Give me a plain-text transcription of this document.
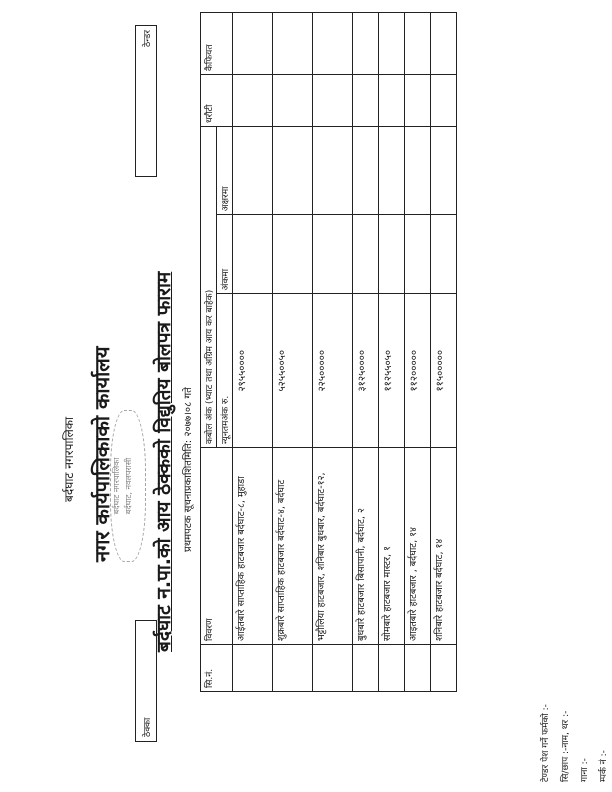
बर्दघाट नगरपालिका नगर कार्यपालिकाको कार्यालय
बर्दघाट नगरपालिका बर्दघाट, नवलपरासी बर्दघाट न.पा.को आय ठेक्कको विद्युतिय बोलपत्र फाराम प्रथमपटक सूचनाप्रकाशितमिति: २०७७।०८ गते
ठेक्का
ठेन्डर
सि.नं.	विवरण	कबोल अंक (भ्याट तथा अग्रिम आय कर बाहेक)			धरौटी	कैफियत
		न्यूनतमअंक रु.	अंकमा	अक्षरमा		
	आईतबारे साप्ताहिक हाटबजार बर्दघाट-८, मुहाडा	२९५५००००				
	शुक्रबारे साप्ताहिक हाटबजार बर्दघाट-४, बर्दघाट	५२५५००५०				
	भट्टौलिया हाटबजार, शनिबार बुधबार, बर्दघाट-१२,	२२५०००००				
	बुधबारे हाटबजार बिसापानी, बर्दघाट, २	३१२५००००				
	सोमबारे हाटबजार मास्टर, १	११२५५०५०				
	आइतबारे हाटबजार , बर्दघाट, १४	११२०००००				
	शनिबारे हाटबजार बर्दघाट, १४	११५०००००				
टेण्डर पेश गर्ने फर्मको :-	सि/छाप :-नाम, थर :-	गाना :-	म्पर्क नं :-
